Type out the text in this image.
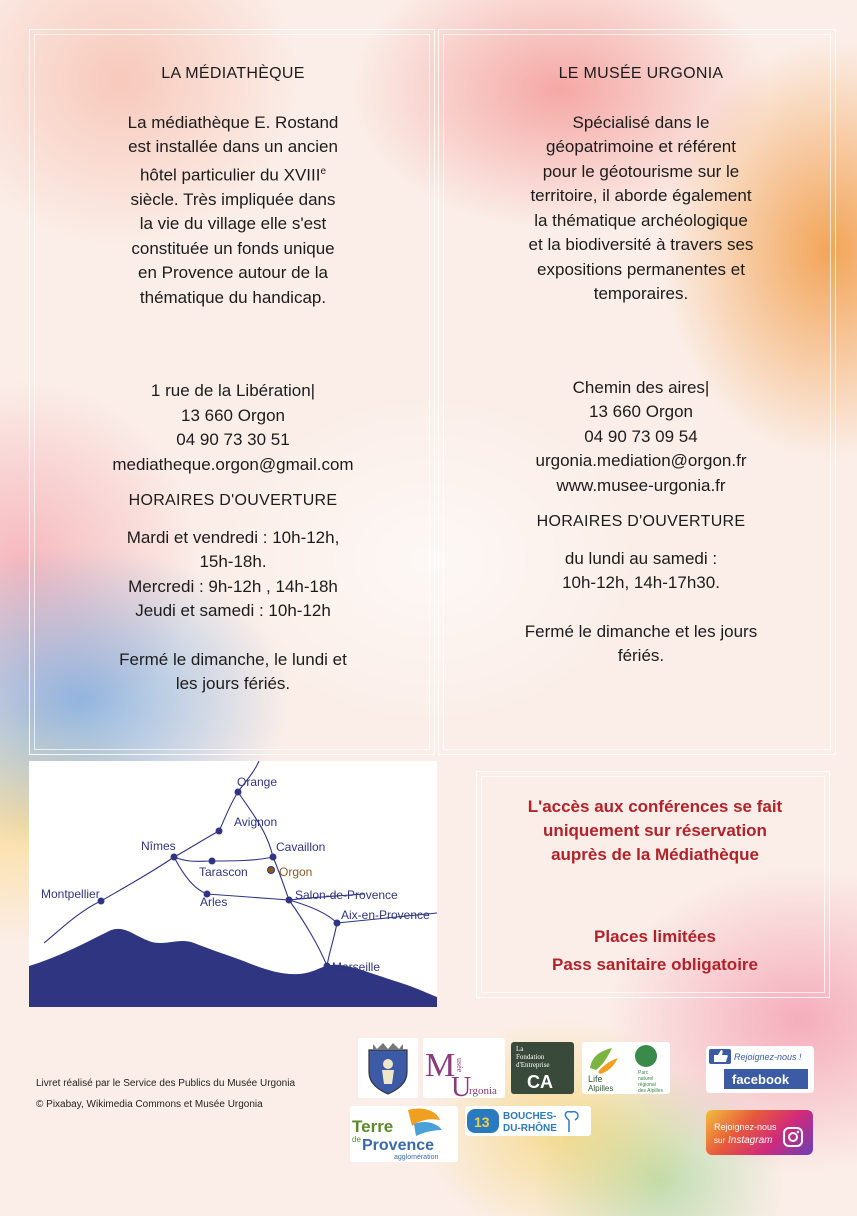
LA MÉDIATHÈQUE
La médiathèque E. Rostand
est installée dans un ancien
hôtel particulier du XVIIIe
siècle. Très impliquée dans
la vie du village elle s'est
constituée un fonds unique
en Provence autour de la
thématique du handicap.
1 rue de la Libération|
13 660 Orgon
04 90 73 30 51
mediatheque.orgon@gmail.com
HORAIRES D'OUVERTURE
Mardi et vendredi : 10h-12h,
15h-18h.
Mercredi : 9h-12h , 14h-18h
Jeudi et samedi : 10h-12h
Fermé le dimanche, le lundi et
les jours fériés.
LE MUSÉE URGONIA
Spécialisé dans le
géopatrimoine et référent
pour le géotourisme sur le
territoire, il aborde également
la thématique archéologique
et la biodiversité à travers ses
expositions permanentes et
temporaires.
Chemin des aires|
13 660 Orgon
04 90 73 09 54
urgonia.mediation@orgon.fr
www.musee-urgonia.fr
HORAIRES D'OUVERTURE
du lundi au samedi :
10h-12h, 14h-17h30.
Fermé le dimanche et les jours
fériés.
Orange
Avignon
Nîmes	Cavaillon
Tarascon
Montpellier
Arles	Salon-de-Provence
Aix-en-Provence
Marseille
Orgon
L'accès aux conférences se fait
uniquement sur réservation
auprès de la Médiathèque
Places limitées
Pass sanitaire obligatoire
Livret réalisé par le Service des Publics du Musée Urgonia
© Pixabay, Wikimedia Commons et Musée Urgonia
M usée
U
rgonia
La
Fondation
d'Entreprise
CA	Life
Alpilles
Parc
naturel
régional
des Alpilles
Terre
de Provence
agglomération
13 BOUCHES-
DU-RHÔNE
Rejoignez-nous !
facebook
Rejoignez-nous
sur Instagram
